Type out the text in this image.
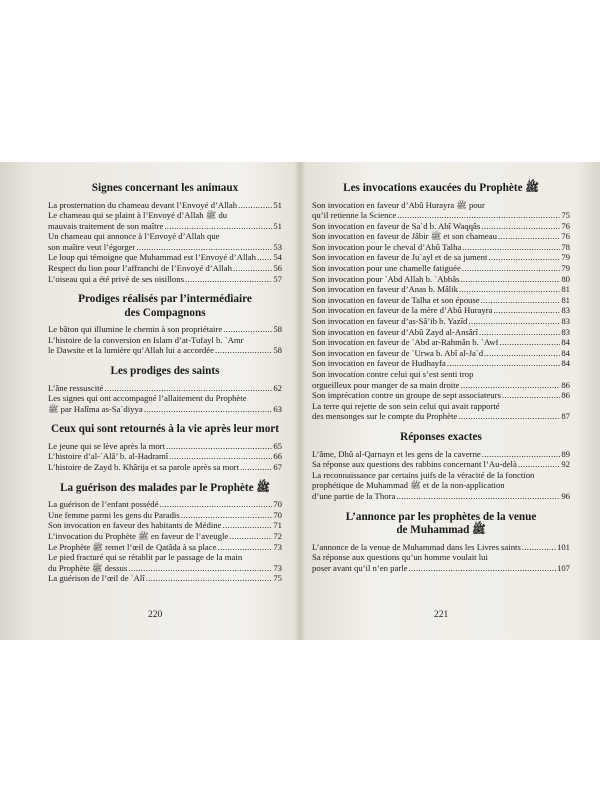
Signes concernant les animaux
La prosternation du chameau devant l’Envoyé d’Allah .....	51
Le chameau qui se plaint à l’Envoyé d’Allah ﷺ du
mauvais traitement de son maître .....	51
Un chameau qui annonce à l’Envoyé d’Allah que
son maître veut l’égorger .....	53
Le loup qui témoigne que Muhammad est l’Envoyé d’Allah ..... 54
Respect du lion pour l’affranchi de l’Envoyé d’Allah .....	56
L’oiseau qui a été privé de ses oisillons .....	57
Prodiges réalisés par l’intermédiaire
des Compagnons
Le bâton qui illumine le chemin à son propriétaire .....	58
L’histoire de la conversion en Islam d’at-Tufayl b. `Amr
le Dawsite et la lumière qu’Allah lui a accordée .....	58
Les prodiges des saints
L’âne ressuscité .....	62
Les signes qui ont accompagné l’allaitement du Prophète
ﷺ par Halîma as-Sa`diyya .....	63
Ceux qui sont retournés à la vie après leur mort
Le jeune qui se lève après la mort .....	65
L’histoire d’al-`Alâ’ b. al-Hadramî .....	66
L’histoire de Zayd b. Khârija et sa parole après sa mort .....	67
La guérison des malades par le Prophète ﷺ
La guérison de l’enfant possédé .....	70
Une femme parmi les gens du Paradis .....	70
Son invocation en faveur des habitants de Médine .....	71
L’invocation du Prophète ﷺ en faveur de l’aveugle .....	72
Le Prophète ﷺ remet l’œil de Qatâda à sa place .....	73
Le pied fracturé qui se rétablit par le passage de la main
du Prophète ﷺ dessus .....	73
La guérison de l’œil de `Alî .....	75
Les invocations exaucées du Prophète ﷺ
Son invocation en faveur d’Abû Hurayra ﷺ pour
qu’il retienne la Science .....	75
Son invocation en faveur de Sa`d b. Abî Waqqâs .....	76
Son invocation en faveur de Jâbir ﷺ et son chameau .....	76
Son invocation pour le cheval d’Abû Talha .....	78
Son invocation en faveur de Ju`ayl et de sa jument .....	79
Son invocation pour une chamelle fatiguée .....	79
Son invocation pour `Abd Allah b. `Abbâs .....	80
Son invocation en faveur d’Anas b. Mâlik .....	81
Son invocation en faveur de Talha et son épouse .....	81
Son invocation en faveur de la mère d’Abû Hurayra .....	83
Son invocation en faveur d’as-Sâ’ib b. Yazîd .....	83
Son invocation en faveur d’Abû Zayd al-Ansârî .....	83
Son invocation en faveur de `Abd ar-Rahmân b. `Awf .....	84
Son invocation en faveur de `Urwa b. Abî al-Ja`d .....	84
Son invocation en faveur de Hudhayfa .....	84
Son invocation contre celui qui s’est senti trop
orgueilleux pour manger de sa main droite .....	86
Son imprécation contre un groupe de sept associateurs .....	86
La terre qui rejette de son sein celui qui avait rapporté
des mensonges sur le compte du Prophète .....	87
Réponses exactes
L’âme, Dhû al-Qarnayn et les gens de la caverne .....	89
Sa réponse aux questions des rabbins concernant l’Au-delà .....	92
La reconnaissance par certains juifs de la véracité de la fonction
prophétique de Muhammad ﷺ et de la non-application
d’une partie de la Thora .....	96
L’annonce par les prophètes de la venue
de Muhammad ﷺ
L’annonce de la venue de Muhammad dans les Livres saints .....	101
Sa réponse aux questions qu’un homme voulait lui
poser avant qu’il n’en parle .....	107
220	221
